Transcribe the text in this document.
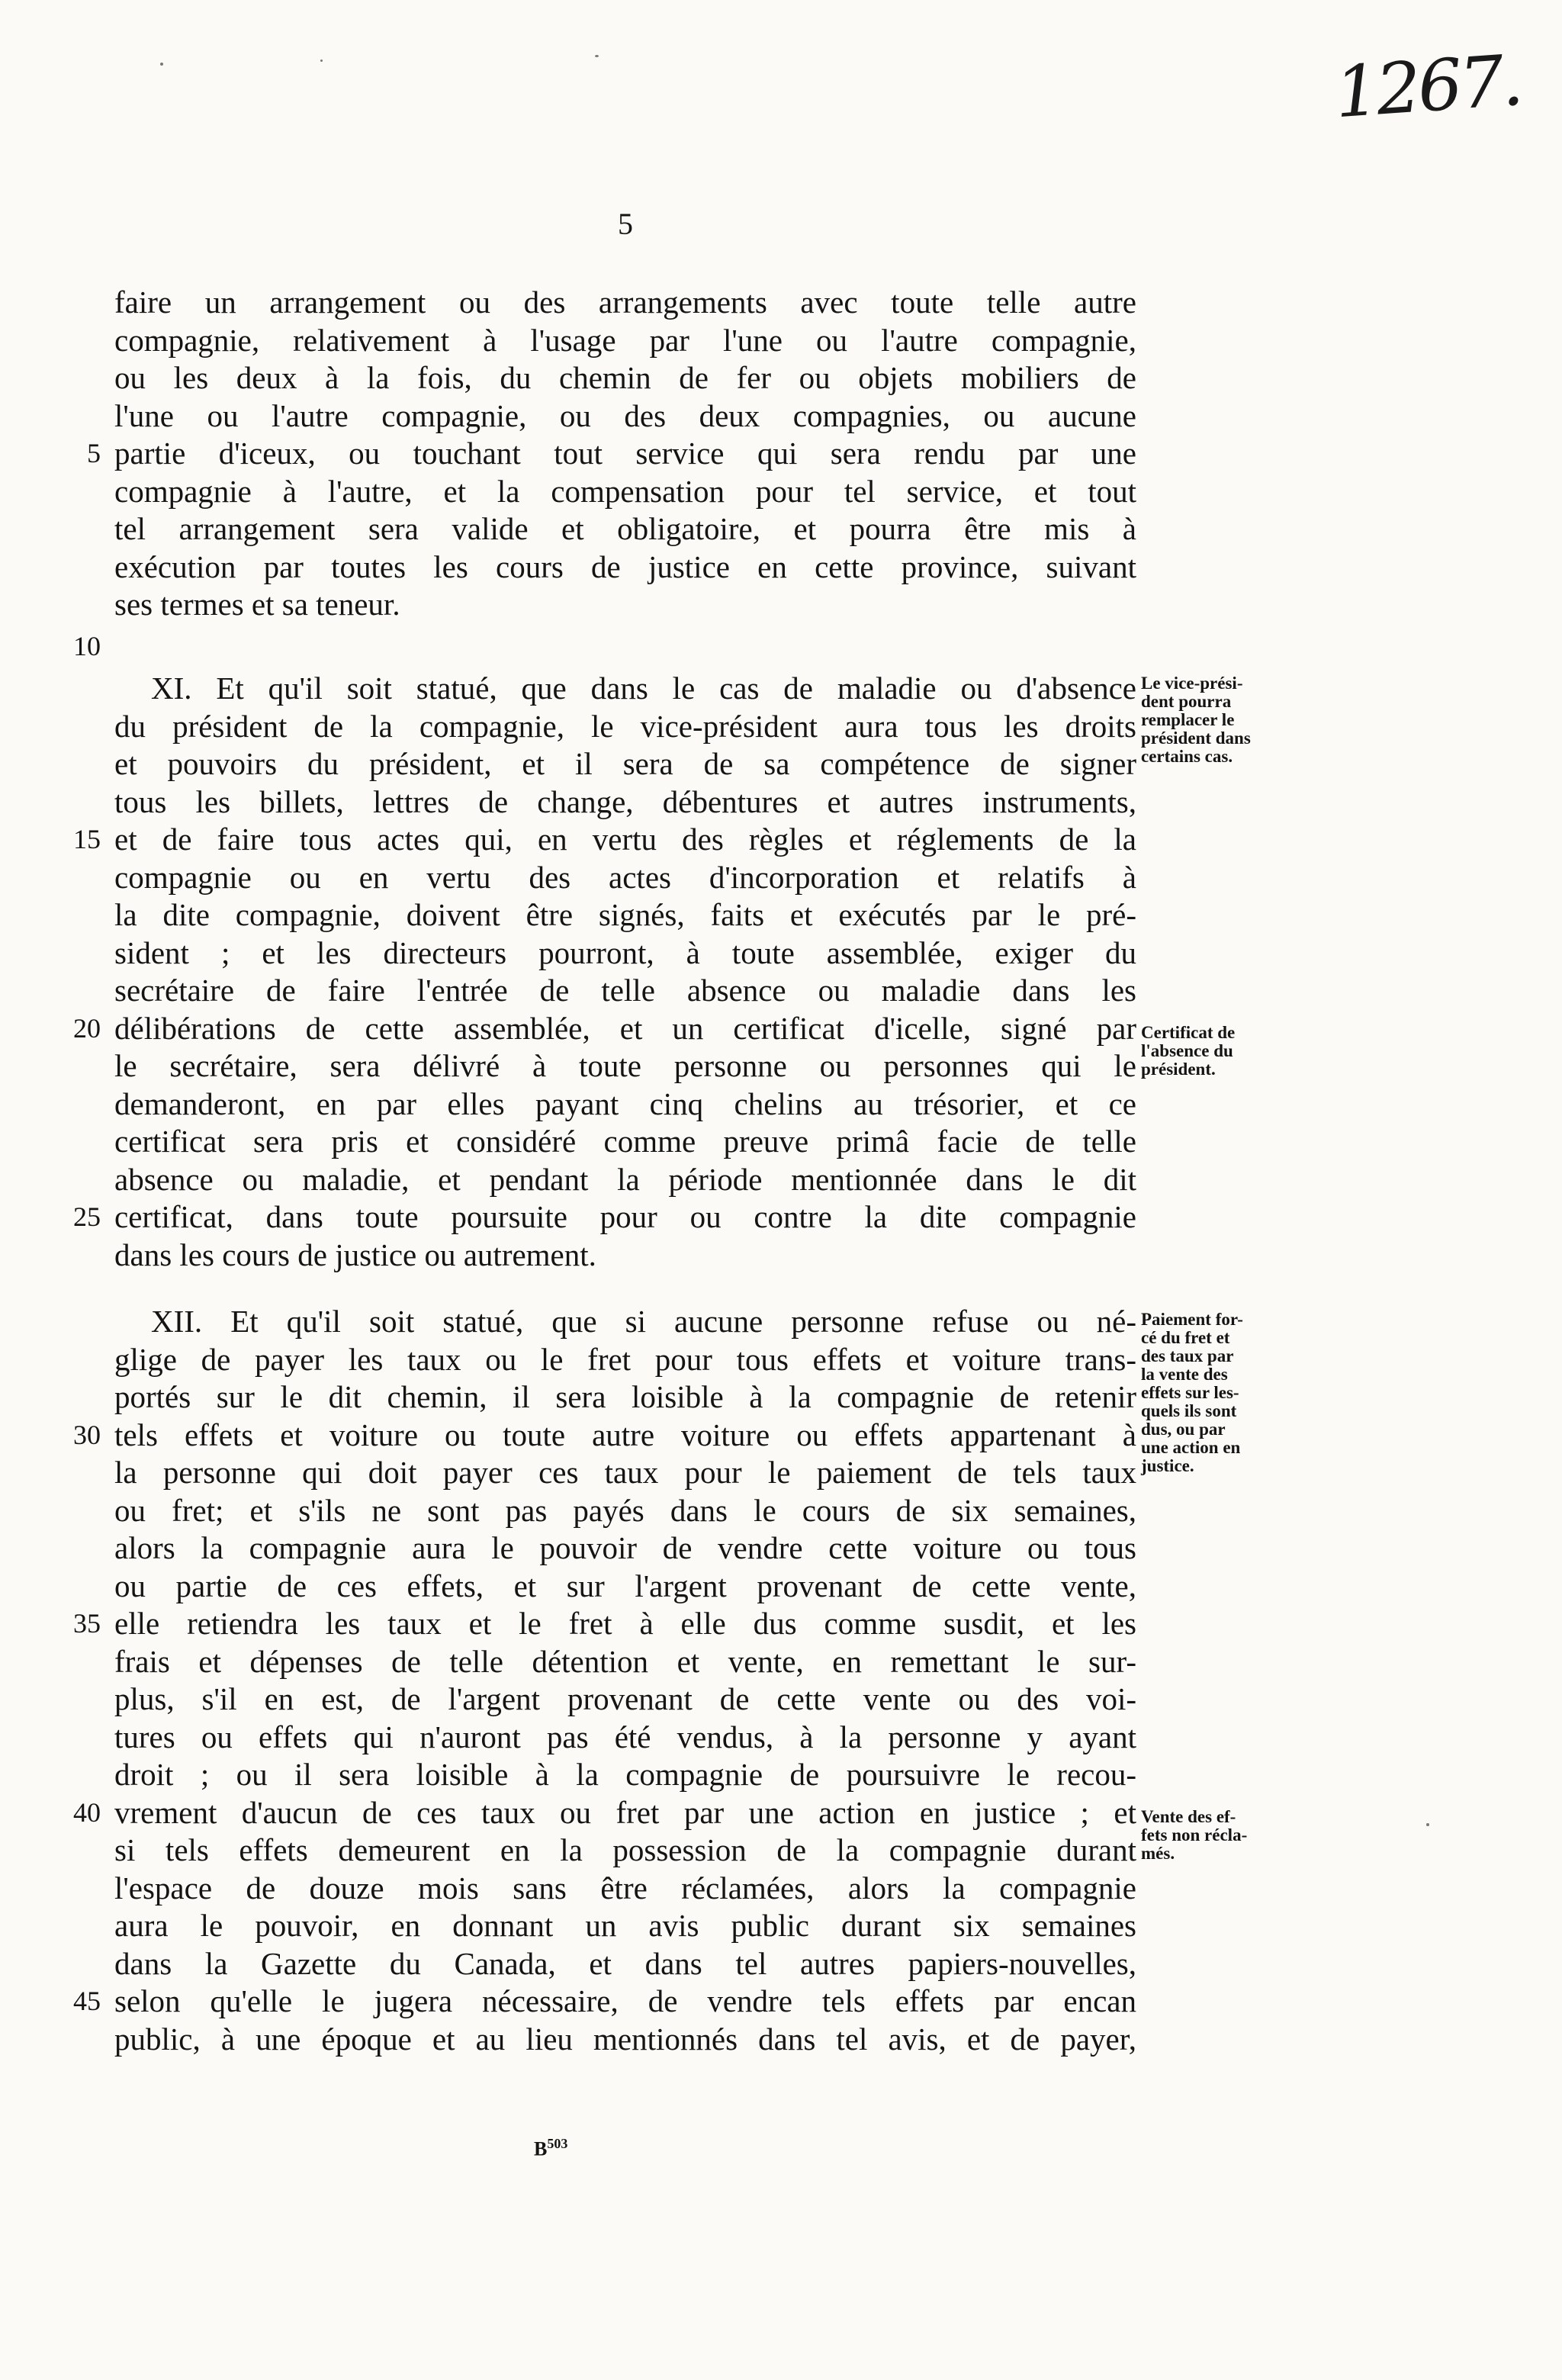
1267.
5
faire un arrangement ou des arrangements avec toute telle autre
compagnie, relativement à l'usage par l'une ou l'autre compagnie,
ou les deux à la fois, du chemin de fer ou objets mobiliers de
l'une ou l'autre compagnie, ou des deux compagnies, ou aucune
5 partie d'iceux, ou touchant tout service qui sera rendu par une
compagnie à l'autre, et la compensation pour tel service, et tout
tel arrangement sera valide et obligatoire, et pourra être mis à
exécution par toutes les cours de justice en cette province, suivant
ses termes et sa teneur.
10
XI. Et qu'il soit statué, que dans le cas de maladie ou d'absence
du président de la compagnie, le vice-président aura tous les droits
et pouvoirs du président, et il sera de sa compétence de signer
tous les billets, lettres de change, débentures et autres instruments,
15 et de faire tous actes qui, en vertu des règles et réglements de la
compagnie ou en vertu des actes d'incorporation et relatifs à
la dite compagnie, doivent être signés, faits et exécutés par le pré-
sident ; et les directeurs pourront, à toute assemblée, exiger du
secrétaire de faire l'entrée de telle absence ou maladie dans les
20 délibérations de cette assemblée, et un certificat d'icelle, signé par
le secrétaire, sera délivré à toute personne ou personnes qui le
demanderont, en par elles payant cinq chelins au trésorier, et ce
certificat sera pris et considéré comme preuve primâ facie de telle
absence ou maladie, et pendant la période mentionnée dans le dit
25 certificat, dans toute poursuite pour ou contre la dite compagnie
dans les cours de justice ou autrement.
XII. Et qu'il soit statué, que si aucune personne refuse ou né-
glige de payer les taux ou le fret pour tous effets et voiture trans-
portés sur le dit chemin, il sera loisible à la compagnie de retenir
30 tels effets et voiture ou toute autre voiture ou effets appartenant à
la personne qui doit payer ces taux pour le paiement de tels taux
ou fret; et s'ils ne sont pas payés dans le cours de six semaines,
alors la compagnie aura le pouvoir de vendre cette voiture ou tous
ou partie de ces effets, et sur l'argent provenant de cette vente,
35 elle retiendra les taux et le fret à elle dus comme susdit, et les
frais et dépenses de telle détention et vente, en remettant le sur-
plus, s'il en est, de l'argent provenant de cette vente ou des voi-
tures ou effets qui n'auront pas été vendus, à la personne y ayant
droit ; ou il sera loisible à la compagnie de poursuivre le recou-
40 vrement d'aucun de ces taux ou fret par une action en justice ; et
si tels effets demeurent en la possession de la compagnie durant
l'espace de douze mois sans être réclamées, alors la compagnie
aura le pouvoir, en donnant un avis public durant six semaines
dans la Gazette du Canada, et dans tel autres papiers-nouvelles,
45 selon qu'elle le jugera nécessaire, de vendre tels effets par encan
public, à une époque et au lieu mentionnés dans tel avis, et de payer,
Le vice-prési-
dent pourra
remplacer le
président dans
certains cas.
Certificat de
l'absence du
président.
Paiement for-
cé du fret et
des taux par
la vente des
effets sur les-
quels ils sont
dus, ou par
une action en
justice.
Vente des ef-
fets non récla-
més.
$B^{503}$
